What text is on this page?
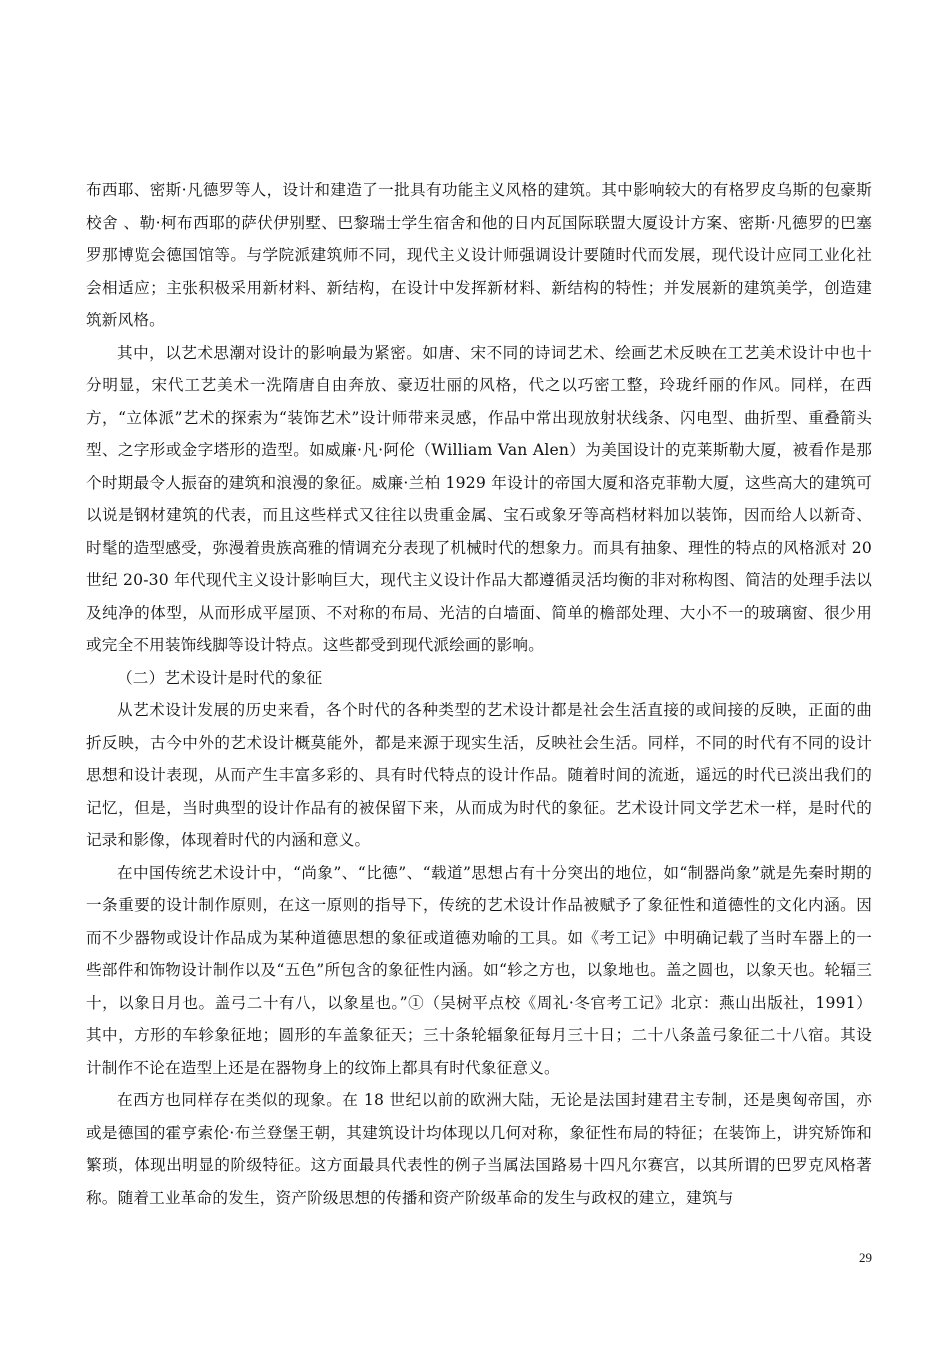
布西耶、密斯·凡德罗等人，设计和建造了一批具有功能主义风格的建筑。其中影响较大的有格罗皮乌斯的包豪斯校舍 、勒·柯布西耶的萨伏伊别墅、巴黎瑞士学生宿舍和他的日内瓦国际联盟大厦设计方案、密斯·凡德罗的巴塞罗那博览会德国馆等。与学院派建筑师不同，现代主义设计师强调设计要随时代而发展，现代设计应同工业化社会相适应；主张积极采用新材料、新结构，在设计中发挥新材料、新结构的特性；并发展新的建筑美学，创造建筑新风格。

其中，以艺术思潮对设计的影响最为紧密。如唐、宋不同的诗词艺术、绘画艺术反映在工艺美术设计中也十分明显，宋代工艺美术一洗隋唐自由奔放、豪迈壮丽的风格，代之以巧密工整，玲珑纤丽的作风。同样，在西方，“立体派”艺术的探索为“装饰艺术”设计师带来灵感，作品中常出现放射状线条、闪电型、曲折型、重叠箭头型、之字形或金字塔形的造型。如威廉·凡·阿伦（William Van Alen）为美国设计的克莱斯勒大厦，被看作是那个时期最令人振奋的建筑和浪漫的象征。威廉·兰柏 1929 年设计的帝国大厦和洛克菲勒大厦，这些高大的建筑可以说是钢材建筑的代表，而且这些样式又往往以贵重金属、宝石或象牙等高档材料加以装饰，因而给人以新奇、时髦的造型感受，弥漫着贵族高雅的情调充分表现了机械时代的想象力。而具有抽象、理性的特点的风格派对 20 世纪 20-30 年代现代主义设计影响巨大，现代主义设计作品大都遵循灵活均衡的非对称构图、简洁的处理手法以及纯净的体型，从而形成平屋顶、不对称的布局、光洁的白墙面、简单的檐部处理、大小不一的玻璃窗、很少用或完全不用装饰线脚等设计特点。这些都受到现代派绘画的影响。

（二）艺术设计是时代的象征

从艺术设计发展的历史来看，各个时代的各种类型的艺术设计都是社会生活直接的或间接的反映，正面的曲折反映，古今中外的艺术设计概莫能外，都是来源于现实生活，反映社会生活。同样，不同的时代有不同的设计思想和设计表现，从而产生丰富多彩的、具有时代特点的设计作品。随着时间的流逝，遥远的时代已淡出我们的记忆，但是，当时典型的设计作品有的被保留下来，从而成为时代的象征。艺术设计同文学艺术一样，是时代的记录和影像，体现着时代的内涵和意义。

在中国传统艺术设计中，“尚象”、“比德”、“载道”思想占有十分突出的地位，如“制器尚象”就是先秦时期的一条重要的设计制作原则，在这一原则的指导下，传统的艺术设计作品被赋予了象征性和道德性的文化内涵。因而不少器物或设计作品成为某种道德思想的象征或道德劝喻的工具。如《考工记》中明确记载了当时车器上的一些部件和饰物设计制作以及“五色”所包含的象征性内涵。如“轸之方也，以象地也。盖之圆也，以象天也。轮辐三十，以象日月也。盖弓二十有八，以象星也。”①（吴树平点校《周礼·冬官考工记》北京：燕山出版社，1991）其中，方形的车轸象征地；圆形的车盖象征天；三十条轮辐象征每月三十日；二十八条盖弓象征二十八宿。其设计制作不论在造型上还是在器物身上的纹饰上都具有时代象征意义。

在西方也同样存在类似的现象。在 18 世纪以前的欧洲大陆，无论是法国封建君主专制，还是奥匈帝国，亦或是德国的霍亨索伦·布兰登堡王朝，其建筑设计均体现以几何对称，象征性布局的特征；在装饰上，讲究矫饰和繁琐，体现出明显的阶级特征。这方面最具代表性的例子当属法国路易十四凡尔赛宫，以其所谓的巴罗克风格著称。随着工业革命的发生，资产阶级思想的传播和资产阶级革命的发生与政权的建立，建筑与

29
